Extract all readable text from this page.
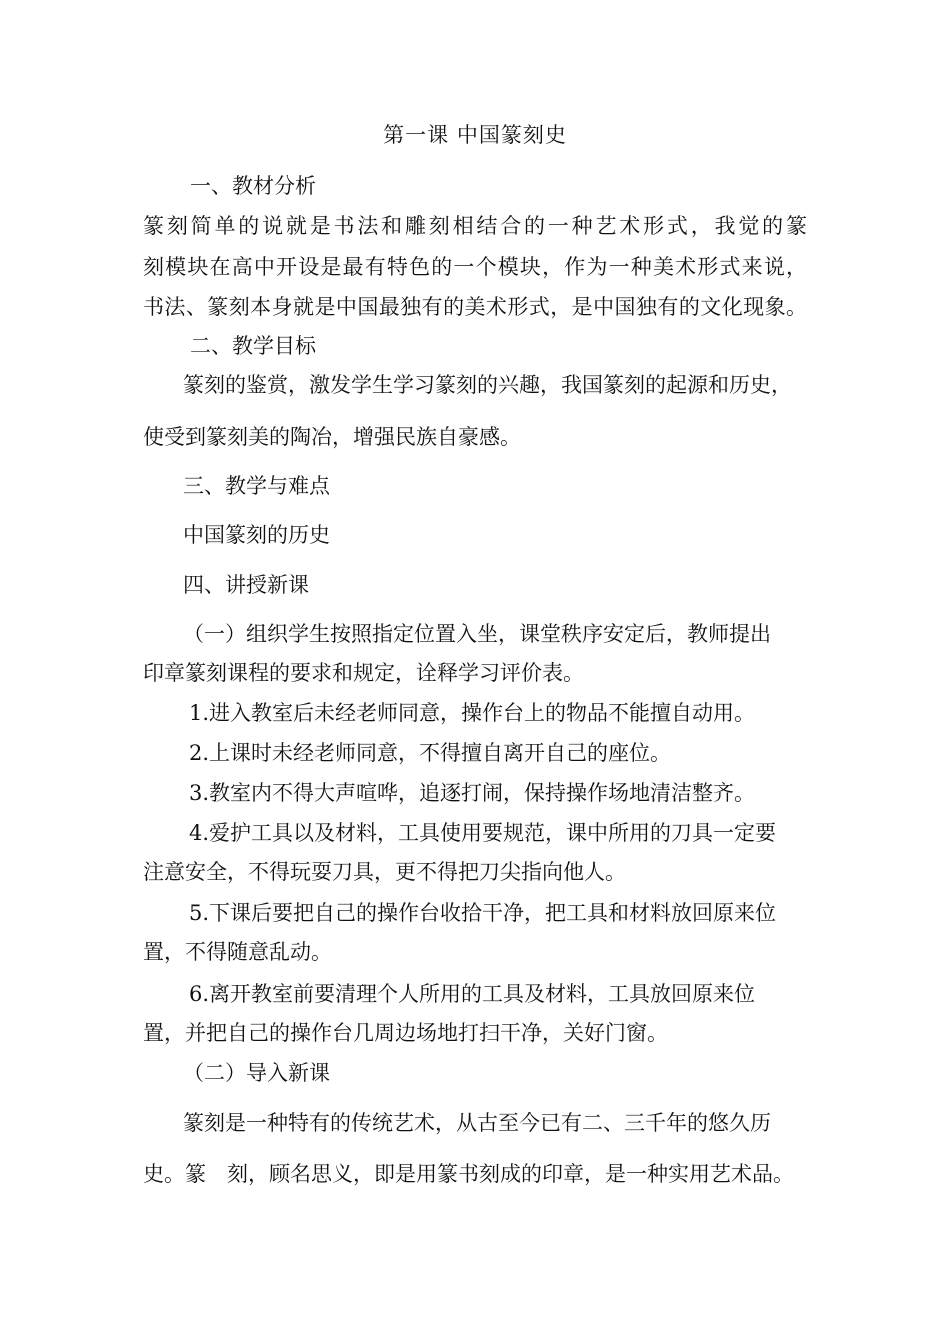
第一课 中国篆刻史
一、教材分析
篆刻简单的说就是书法和雕刻相结合的一种艺术形式，我觉的篆
刻模块在高中开设是最有特色的一个模块，作为一种美术形式来说，
书法、篆刻本身就是中国最独有的美术形式，是中国独有的文化现象。
二、教学目标
篆刻的鉴赏，激发学生学习篆刻的兴趣，我国篆刻的起源和历史，
使受到篆刻美的陶冶，增强民族自豪感。
三、教学与难点
中国篆刻的历史
四、讲授新课
（一）组织学生按照指定位置入坐，课堂秩序安定后，教师提出
印章篆刻课程的要求和规定，诠释学习评价表。
1.进入教室后未经老师同意，操作台上的物品不能擅自动用。
2.上课时未经老师同意，不得擅自离开自己的座位。
3.教室内不得大声喧哗，追逐打闹，保持操作场地清洁整齐。
4.爱护工具以及材料，工具使用要规范，课中所用的刀具一定要
注意安全，不得玩耍刀具，更不得把刀尖指向他人。
5.下课后要把自己的操作台收拾干净，把工具和材料放回原来位
置，不得随意乱动。
6.离开教室前要清理个人所用的工具及材料，工具放回原来位
置，并把自己的操作台几周边场地打扫干净，关好门窗。
（二）导入新课
篆刻是一种特有的传统艺术，从古至今已有二、三千年的悠久历
史。篆　刻，顾名思义，即是用篆书刻成的印章，是一种实用艺术品。
